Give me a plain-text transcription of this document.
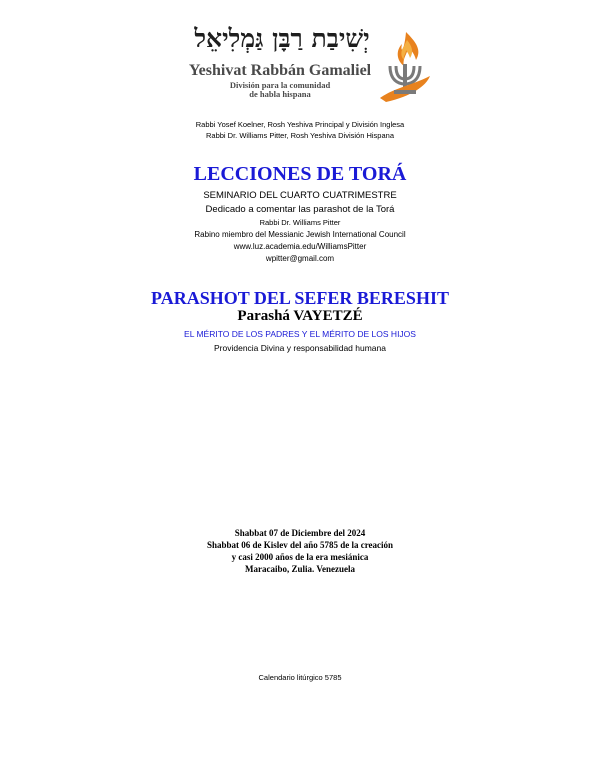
יְשִׁיבַת רַבָּן גַּמְלִיאֵל
Yeshivat Rabbán Gamaliel
División para la comunidad
de habla hispana
Rabbi Yosef Koelner, Rosh Yeshiva Principal y División Inglesa
Rabbi Dr. Williams Pitter, Rosh Yeshiva División Hispana
LECCIONES DE TORÁ
SEMINARIO DEL CUARTO CUATRIMESTRE
Dedicado a comentar las parashot de la Torá
Rabbi Dr. Williams Pitter
Rabino miembro del Messianic Jewish International Council
www.luz.academia.edu/WilliamsPitter
wpitter@gmail.com
PARASHOT DEL SEFER BERESHIT
Parashá VAYETZÉ
EL MÉRITO DE LOS PADRES Y EL MÉRITO DE LOS HIJOS
Providencia Divina y responsabilidad humana
Shabbat 07 de Diciembre del 2024
Shabbat 06 de Kislev del año 5785 de la creación
y casi 2000 años de la era mesiánica
Maracaibo, Zulia. Venezuela
Calendario litúrgico 5785
